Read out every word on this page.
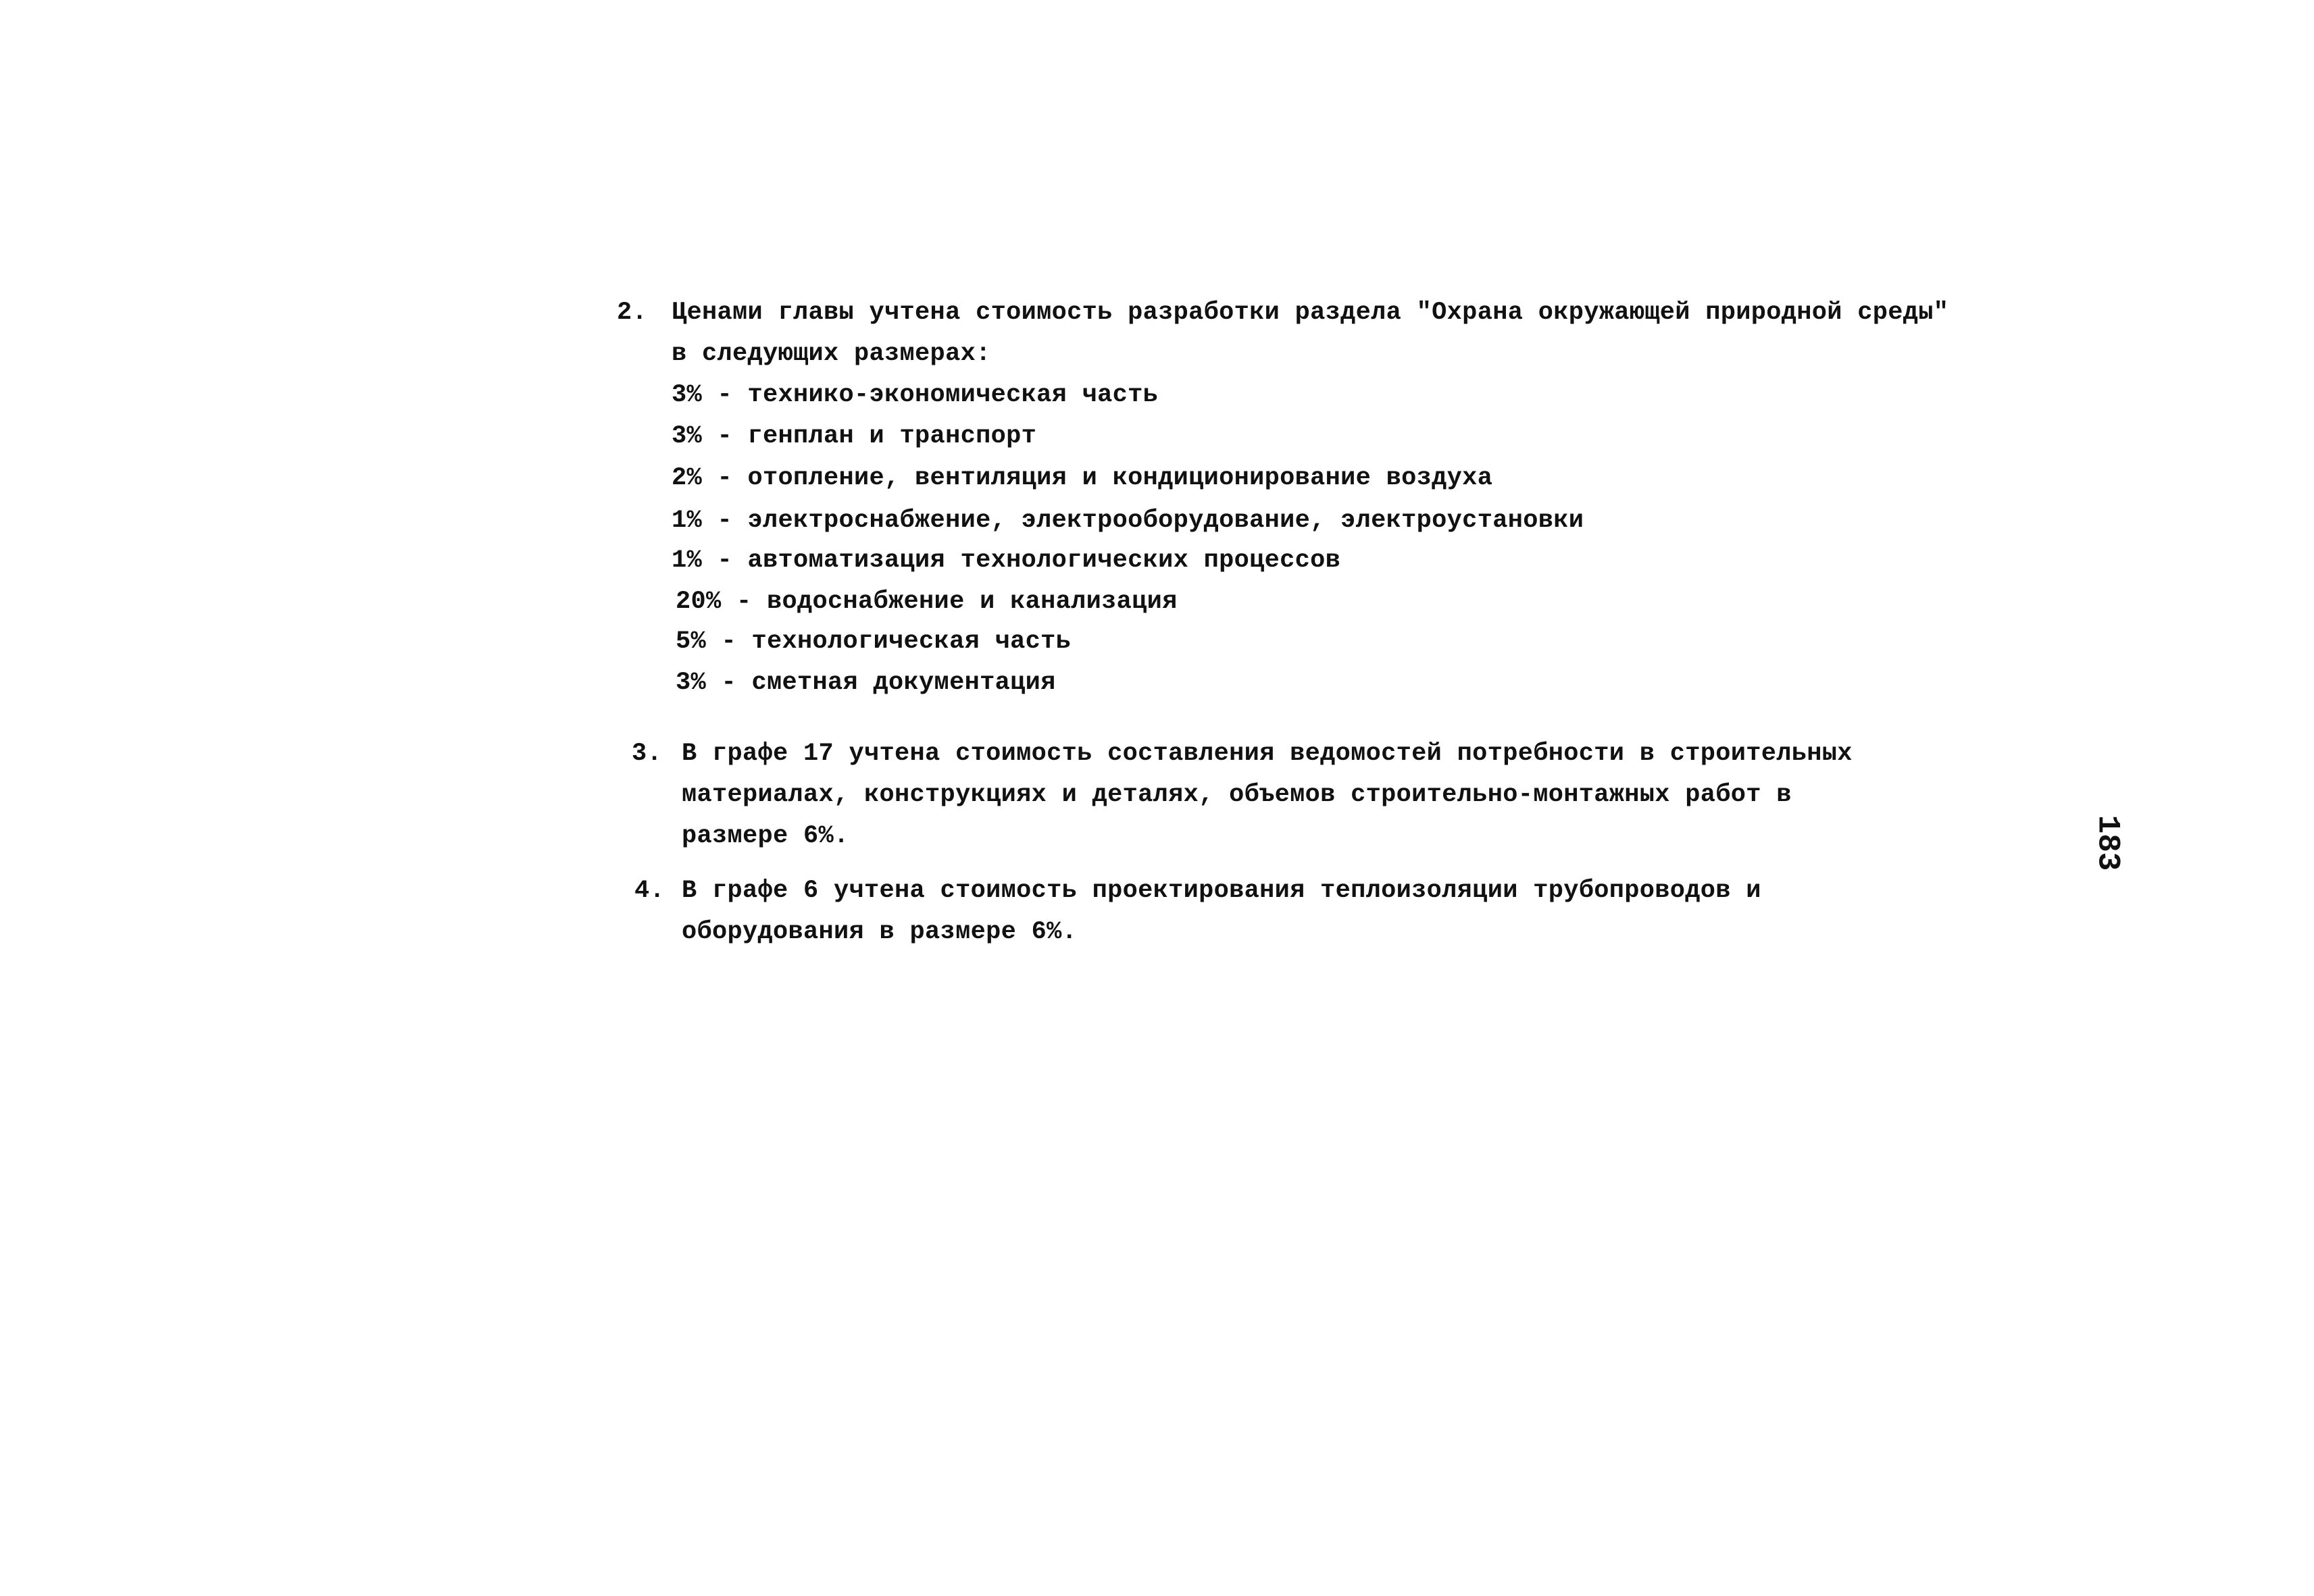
2. Ценами главы учтена стоимость разработки раздела "Охрана окружающей природной среды"
в следующих размерах:
3% - технико-экономическая часть
3% - генплан и транспорт
2% - отопление, вентиляция и кондиционирование воздуха
1% - электроснабжение, электрооборудование, электроустановки
1% - автоматизация технологических процессов
20% - водоснабжение и канализация
5% - технологическая часть
3% - сметная документация
3. В графе 17 учтена стоимость составления ведомостей потребности в строительных
материалах, конструкциях и деталях, объемов строительно-монтажных работ в
размере 6%.
4. В графе 6 учтена стоимость проектирования теплоизоляции трубопроводов и
оборудования в размере 6%.
183
